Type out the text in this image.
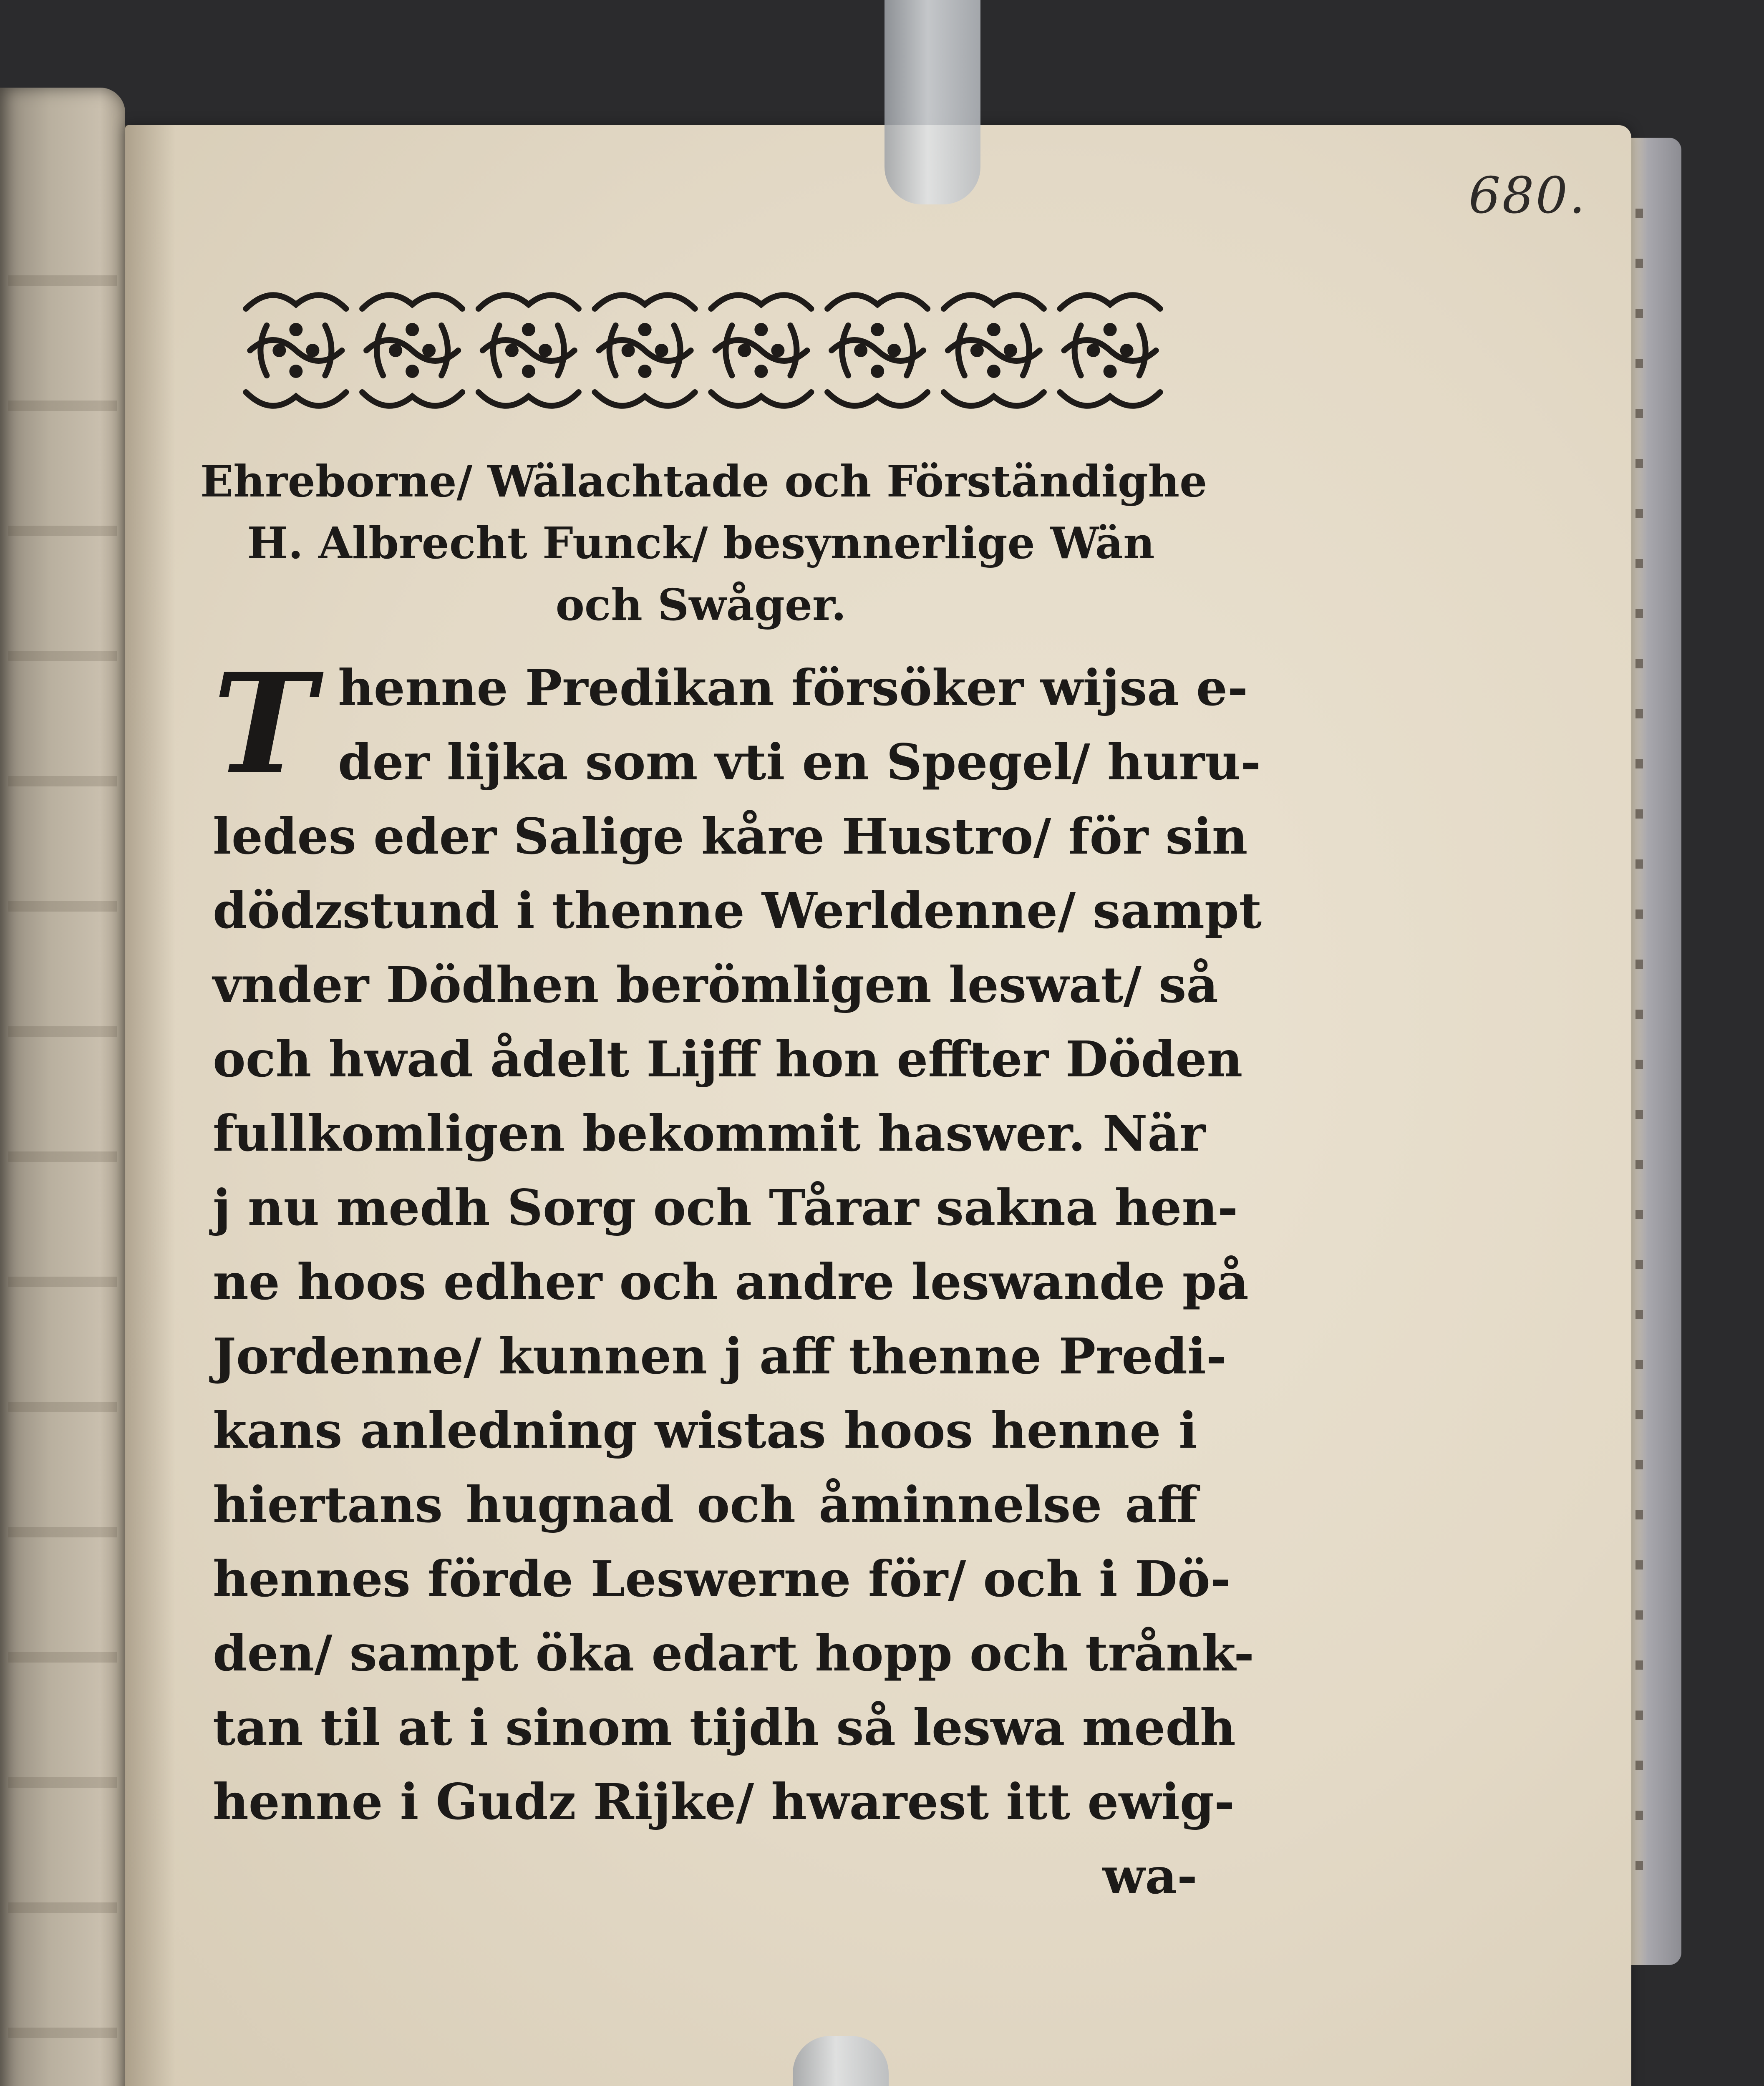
680.
Ehreborne/ Wälachtade och Förständighe
H. Albrecht Funck/ besynnerlige Wän
och Swåger.
T henne Predikan försöker wijsa e-
der lijka som vti en Spegel/ huru-
ledes eder Salige kåre Hustro/ för sin
dödzstund i thenne Werldenne/ sampt
vnder Dödhen berömligen leswat/ så
och hwad ådelt Lijff hon effter Döden
fullkomligen bekommit haswer. När
j nu medh Sorg och Tårar sakna hen-
ne hoos edher och andre leswande på
Jordenne/ kunnen j aff thenne Predi-
kans anledning wistas hoos henne i
hiertans hugnad och åminnelse aff
hennes förde Leswerne för/ och i Dö-
den/ sampt öka edart hopp och trånk-
tan til at i sinom tijdh så leswa medh
henne i Gudz Rijke/ hwarest itt ewig-
wa-
